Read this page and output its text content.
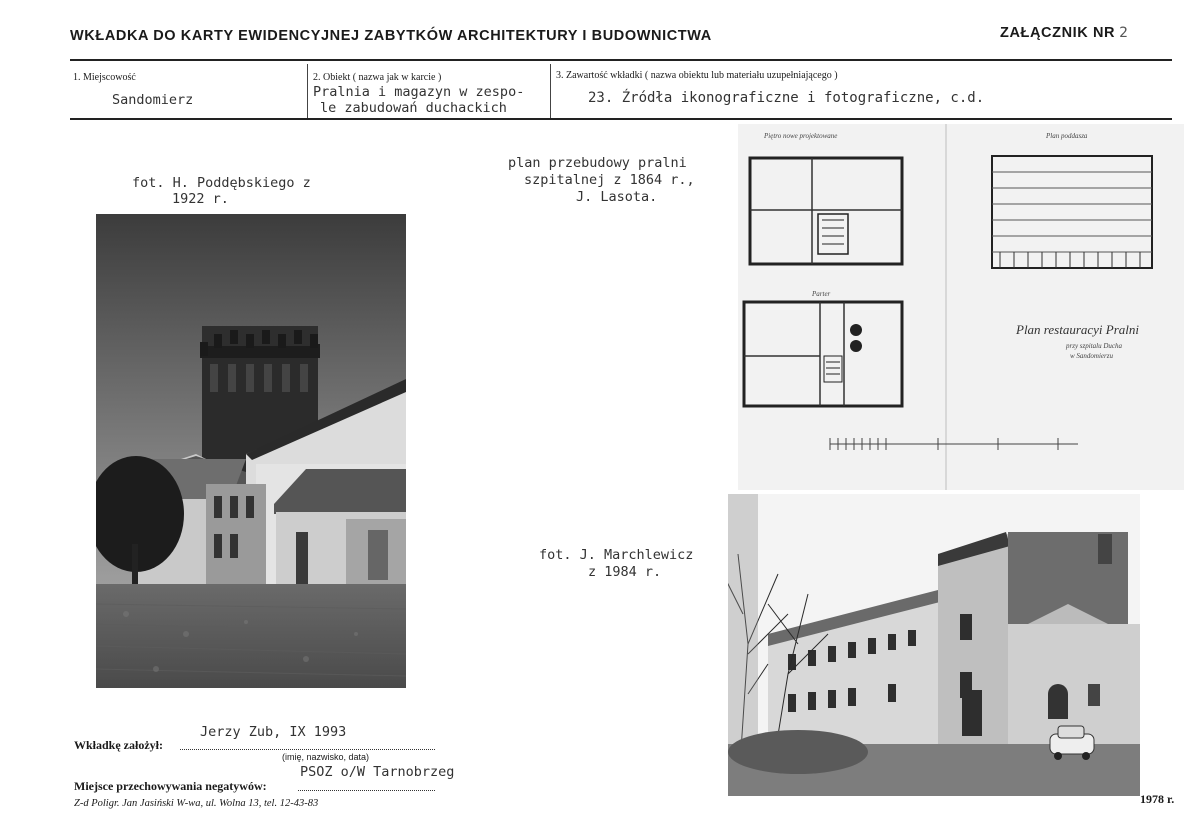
WKŁADKA DO KARTY EWIDENCYJNEJ ZABYTKÓW ARCHITEKTURY I BUDOWNICTWA	ZAŁĄCZNIK NR 2
1. Miejscowość
Sandomierz
2. Obiekt ( nazwa jak w karcie )
Pralnia i magazyn w zespo-
le zabudowań duchackich
3. Zawartość wkładki ( nazwa obiektu lub materiału uzupełniającego )
23. Źródła ikonograficzne i fotograficzne, c.d.
fot. H. Poddębskiego z
1922 r.
plan przebudowy pralni
szpitalnej z 1864 r.,
J. Lasota.
fot. J. Marchlewicz
z 1984 r.
Piętro nowe projektowane	Plan poddasza
Parter
Plan restauracyi Pralni
przy szpitalu Ducha
w Sandomierzu
1978 r.
Jerzy Zub, IX 1993
Wkładkę założył:
(imię, nazwisko, data)
PSOZ o/W Tarnobrzeg
Miejsce przechowywania negatywów:
Z-d Poligr. Jan Jasiński W-wa, ul. Wolna 13, tel. 12-43-83
